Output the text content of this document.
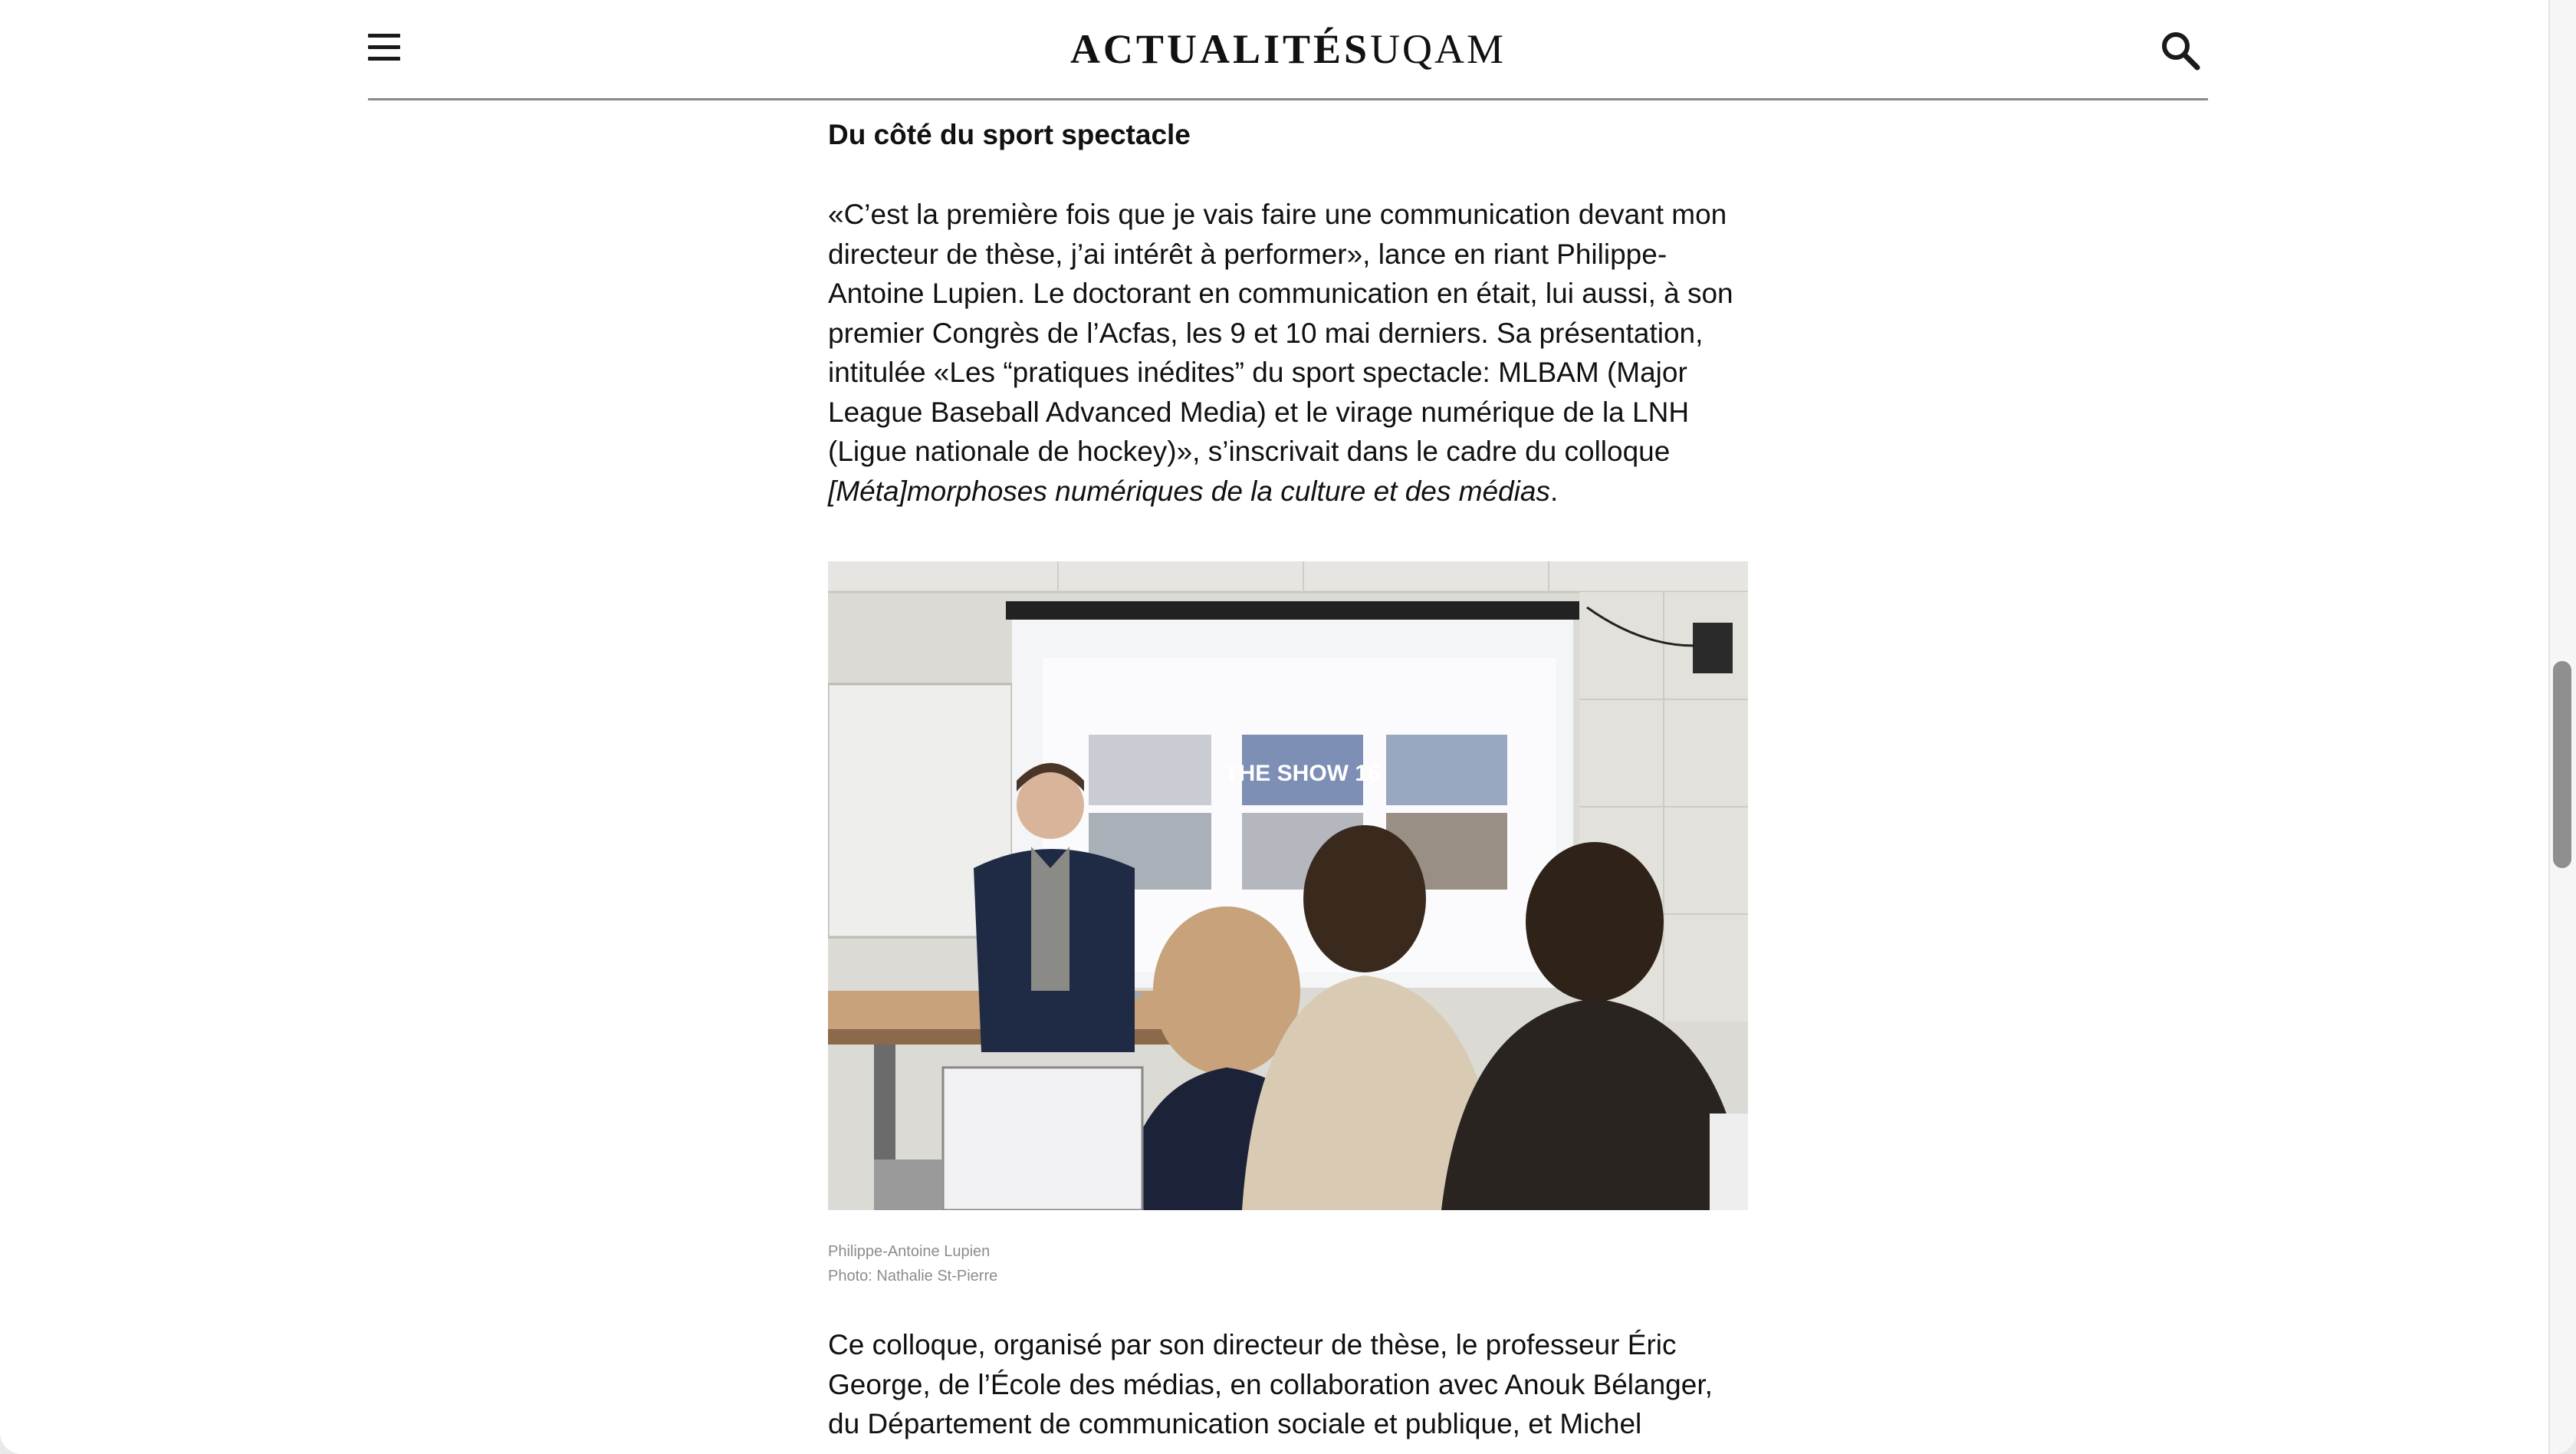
ACTUALITÉSUQAM
Du côté du sport spectacle

«C’est la première fois que je vais faire une communication devant mon directeur de thèse, j’ai intérêt à performer», lance en riant Philippe-Antoine Lupien. Le doctorant en communication en était, lui aussi, à son premier Congrès de l’Acfas, les 9 et 10 mai derniers. Sa présentation, intitulée «Les “pratiques inédites” du sport spectacle: MLBAM (Major League Baseball Advanced Media) et le virage numérique de la LNH (Ligue nationale de hockey)», s’inscrivait dans le cadre du colloque [Méta]morphoses numériques de la culture et des médias.

THE SHOW 16
Philippe-Antoine Lupien
Photo: Nathalie St-Pierre

Ce colloque, organisé par son directeur de thèse, le professeur Éric George, de l’École des médias, en collaboration avec Anouk Bélanger, du Département de communication sociale et publique, et Michel
